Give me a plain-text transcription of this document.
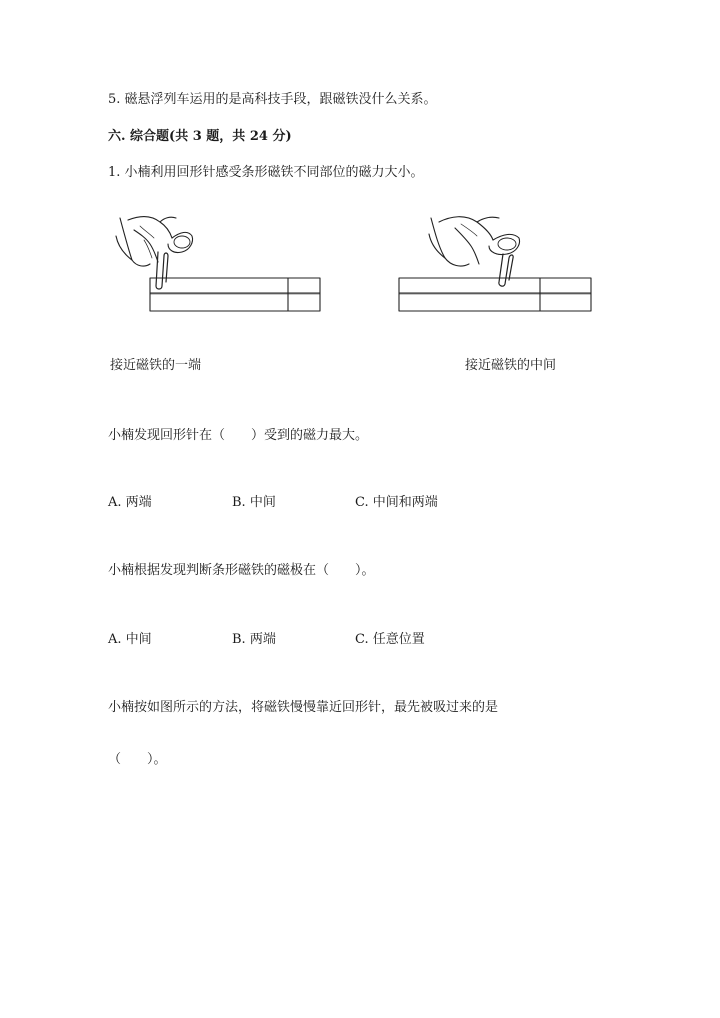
5. 磁悬浮列车运用的是高科技手段，跟磁铁没什么关系。
六. 综合题(共 3 题，共 24 分)
1. 小楠利用回形针感受条形磁铁不同部位的磁力大小。
接近磁铁的一端	接近磁铁的中间
小楠发现回形针在（　　）受到的磁力最大。
A. 两端	B. 中间	C. 中间和两端
小楠根据发现判断条形磁铁的磁极在（　　）。
A. 中间	B. 两端	C. 任意位置
小楠按如图所示的方法，将磁铁慢慢靠近回形针，最先被吸过来的是
（　　）。
